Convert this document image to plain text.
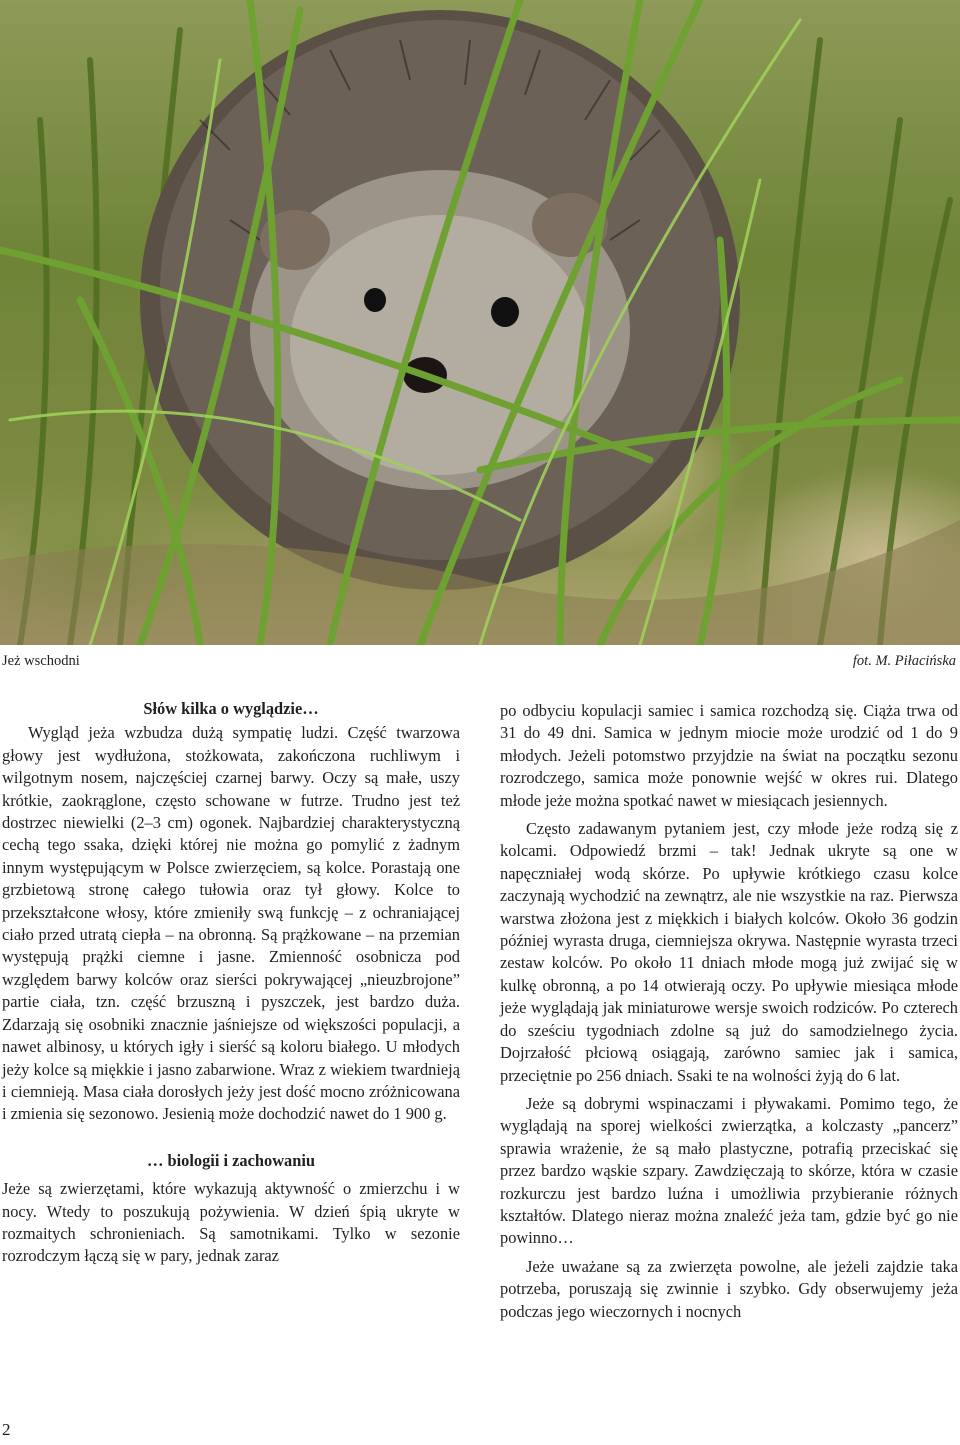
Jeż wschodni	fot. M. Piłacińska
Słów kilka o wyglądzie…

Wygląd jeża wzbudza dużą sympatię ludzi. Część twarzowa głowy jest wydłużona, stożkowata, zakończona ruchliwym i wilgotnym nosem, najczęściej czarnej barwy. Oczy są małe, uszy krótkie, zaokrąglone, często schowane w futrze. Trudno jest też dostrzec niewielki (2–3 cm) ogonek. Najbardziej charakterystyczną cechą tego ssaka, dzięki której nie można go pomylić z żadnym innym występującym w Polsce zwierzęciem, są kolce. Porastają one grzbietową stronę całego tułowia oraz tył głowy. Kolce to przekształcone włosy, które zmieniły swą funkcję – z ochraniającej ciało przed utratą ciepła – na obronną. Są prążkowane – na przemian występują prążki ciemne i jasne. Zmienność osobnicza pod względem barwy kolców oraz sierści pokrywającej „nieuzbrojone” partie ciała, tzn. część brzuszną i pyszczek, jest bardzo duża. Zdarzają się osobniki znacznie jaśniejsze od większości populacji, a nawet albinosy, u których igły i sierść są koloru białego. U młodych jeży kolce są miękkie i jasno zabarwione. Wraz z wiekiem twardnieją i ciemnieją. Masa ciała dorosłych jeży jest dość mocno zróżnicowana i zmienia się sezonowo. Jesienią może dochodzić nawet do 1 900 g.

… biologii i zachowaniu

Jeże są zwierzętami, które wykazują aktywność o zmierzchu i w nocy. Wtedy to poszukują pożywienia. W dzień śpią ukryte w rozmaitych schronieniach. Są samotnikami. Tylko w sezonie rozrodczym łączą się w pary, jednak zaraz

po odbyciu kopulacji samiec i samica rozchodzą się. Ciąża trwa od 31 do 49 dni. Samica w jednym miocie może urodzić od 1 do 9 młodych. Jeżeli potomstwo przyjdzie na świat na początku sezonu rozrodczego, samica może ponownie wejść w okres rui. Dlatego młode jeże można spotkać nawet w miesiącach jesiennych.

Często zadawanym pytaniem jest, czy młode jeże rodzą się z kolcami. Odpowiedź brzmi – tak! Jednak ukryte są one w napęczniałej wodą skórze. Po upływie krótkiego czasu kolce zaczynają wychodzić na zewnątrz, ale nie wszystkie na raz. Pierwsza warstwa złożona jest z miękkich i białych kolców. Około 36 godzin później wyrasta druga, ciemniejsza okrywa. Następnie wyrasta trzeci zestaw kolców. Po około 11 dniach młode mogą już zwijać się w kulkę obronną, a po 14 otwierają oczy. Po upływie miesiąca młode jeże wyglądają jak miniaturowe wersje swoich rodziców. Po czterech do sześciu tygodniach zdolne są już do samodzielnego życia. Dojrzałość płciową osiągają, zarówno samiec jak i samica, przeciętnie po 256 dniach. Ssaki te na wolności żyją do 6 lat.

Jeże są dobrymi wspinaczami i pływakami. Pomimo tego, że wyglądają na sporej wielkości zwierzątka, a kolczasty „pancerz” sprawia wrażenie, że są mało plastyczne, potrafią przeciskać się przez bardzo wąskie szpary. Zawdzięczają to skórze, która w czasie rozkurczu jest bardzo luźna i umożliwia przybieranie różnych kształtów. Dlatego nieraz można znaleźć jeża tam, gdzie być go nie powinno…

Jeże uważane są za zwierzęta powolne, ale jeżeli zajdzie taka potrzeba, poruszają się zwinnie i szybko. Gdy obserwujemy jeża podczas jego wieczornych i nocnych

2
